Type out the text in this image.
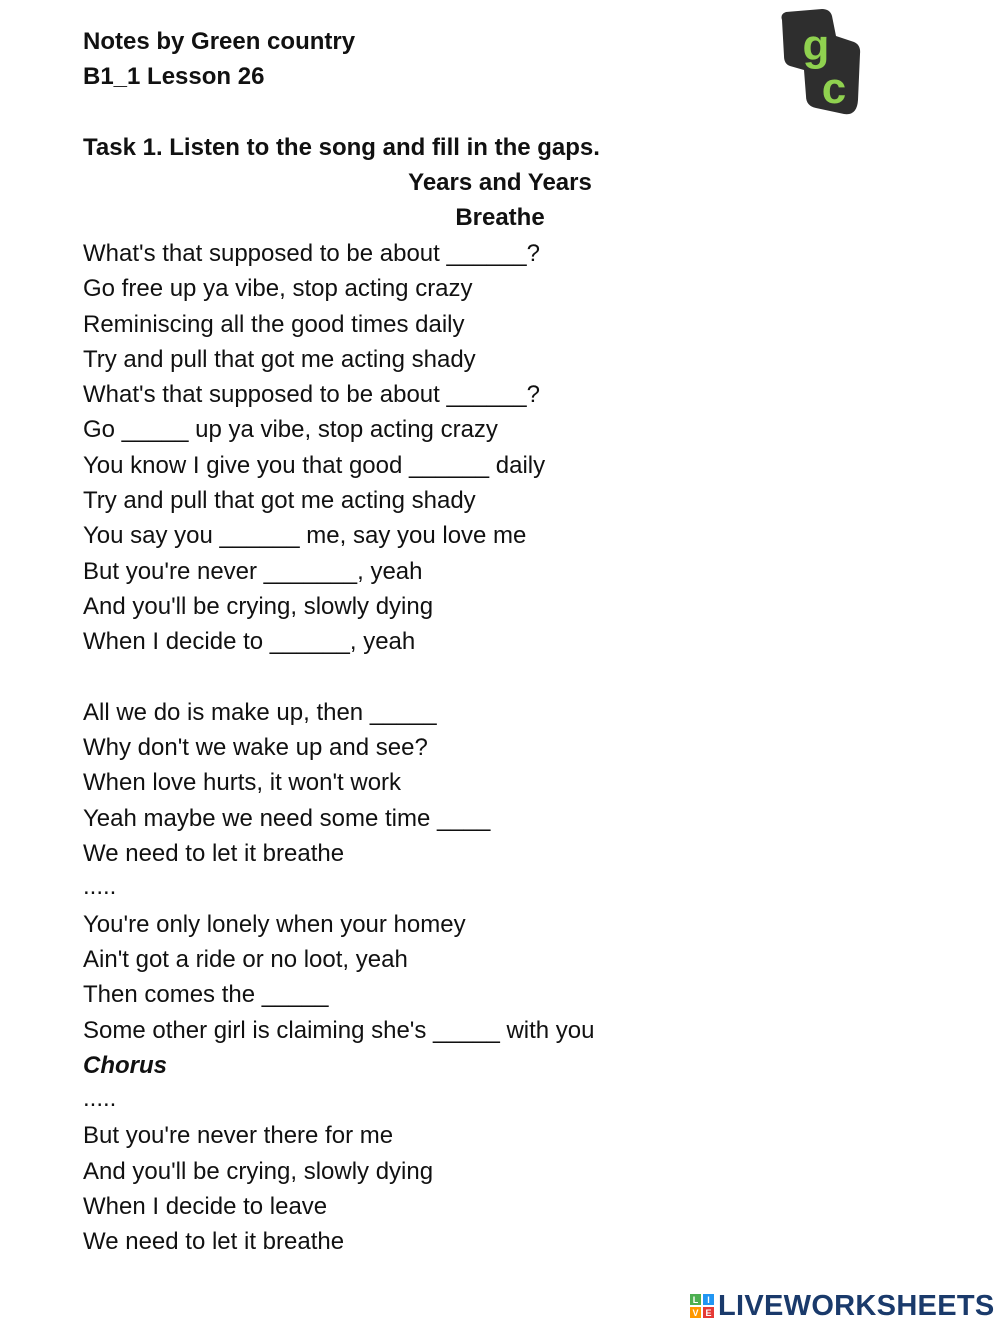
Notes by Green country
B1_1 Lesson 26
Task 1. Listen to the song and fill in the gaps.
Years and Years
Breathe
g
c
What's that supposed to be about ______?
Go free up ya vibe, stop acting crazy
Reminiscing all the good times daily
Try and pull that got me acting shady
What's that supposed to be about ______?
Go _____ up ya vibe, stop acting crazy
You know I give you that good ______ daily
Try and pull that got me acting shady
You say you ______ me, say you love me
But you're never _______, yeah
And you'll be crying, slowly dying
When I decide to ______, yeah
All we do is make up, then _____
Why don't we wake up and see?
When love hurts, it won't work
Yeah maybe we need some time ____
We need to let it breathe
.....
You're only lonely when your homey
Ain't got a ride or no loot, yeah
Then comes the _____
Some other girl is claiming she's _____ with you
Chorus
.....
But you're never there for me
And you'll be crying, slowly dying
When I decide to leave
We need to let it breathe
L I
V E LIVEWORKSHEETS
